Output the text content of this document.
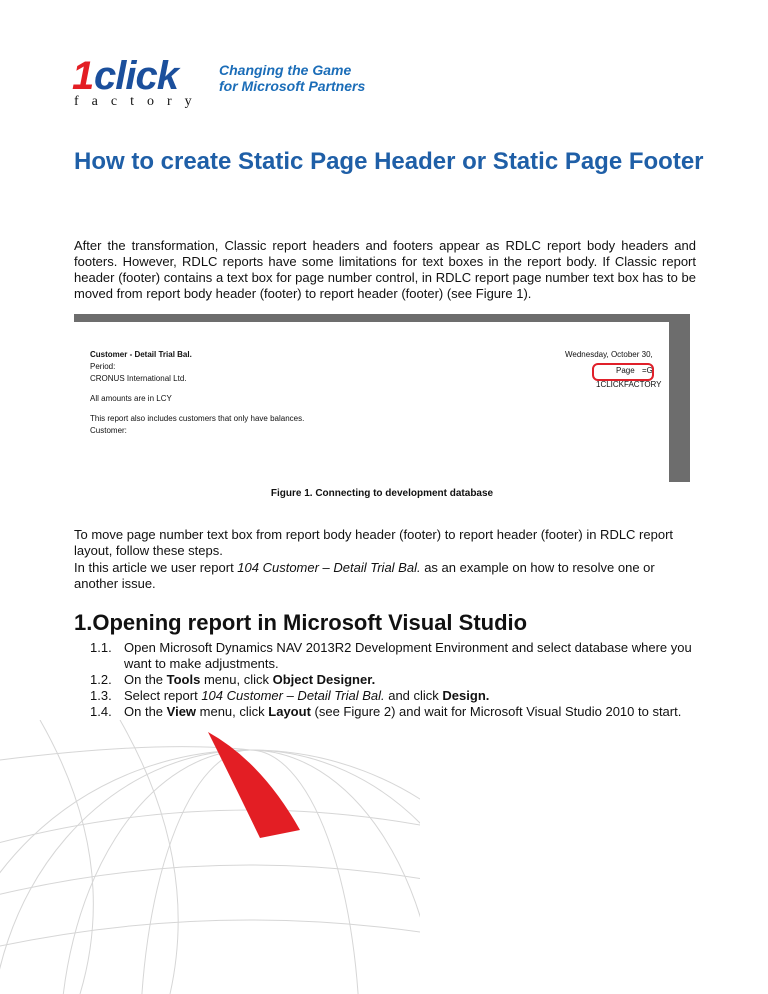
1 click
factory
Changing the Game
for Microsoft Partners
How to create Static Page Header or Static Page Footer

After the transformation, Classic report headers and footers appear as RDLC report body headers and footers. However, RDLC reports have some limitations for text boxes in the report body. If Classic report header (footer) contains a text box for page number control, in RDLC report page number text box has to be moved from report body header (footer) to report header (footer) (see Figure 1).

Customer - Detail Trial Bal.
Period:
CRONUS International Ltd.
All amounts are in LCY
This report also includes customers that only have balances.
Customer:
Wednesday, October 30,
Page =G
1CLICKFACTORY

Figure 1. Connecting to development database

To move page number text box from report body header (footer) to report header (footer) in RDLC report layout, follow these steps.

In this article we user report 104 Customer – Detail Trial Bal. as an example on how to resolve one or another issue.

1.Opening report in Microsoft Visual Studio
1.1. Open Microsoft Dynamics NAV 2013R2 Development Environment and select database where you want to make adjustments.
1.2. On the Tools menu, click Object Designer.
1.3. Select report 104 Customer – Detail Trial Bal. and click Design.
1.4. On the View menu, click Layout (see Figure 2) and wait for Microsoft Visual Studio 2010 to start.
